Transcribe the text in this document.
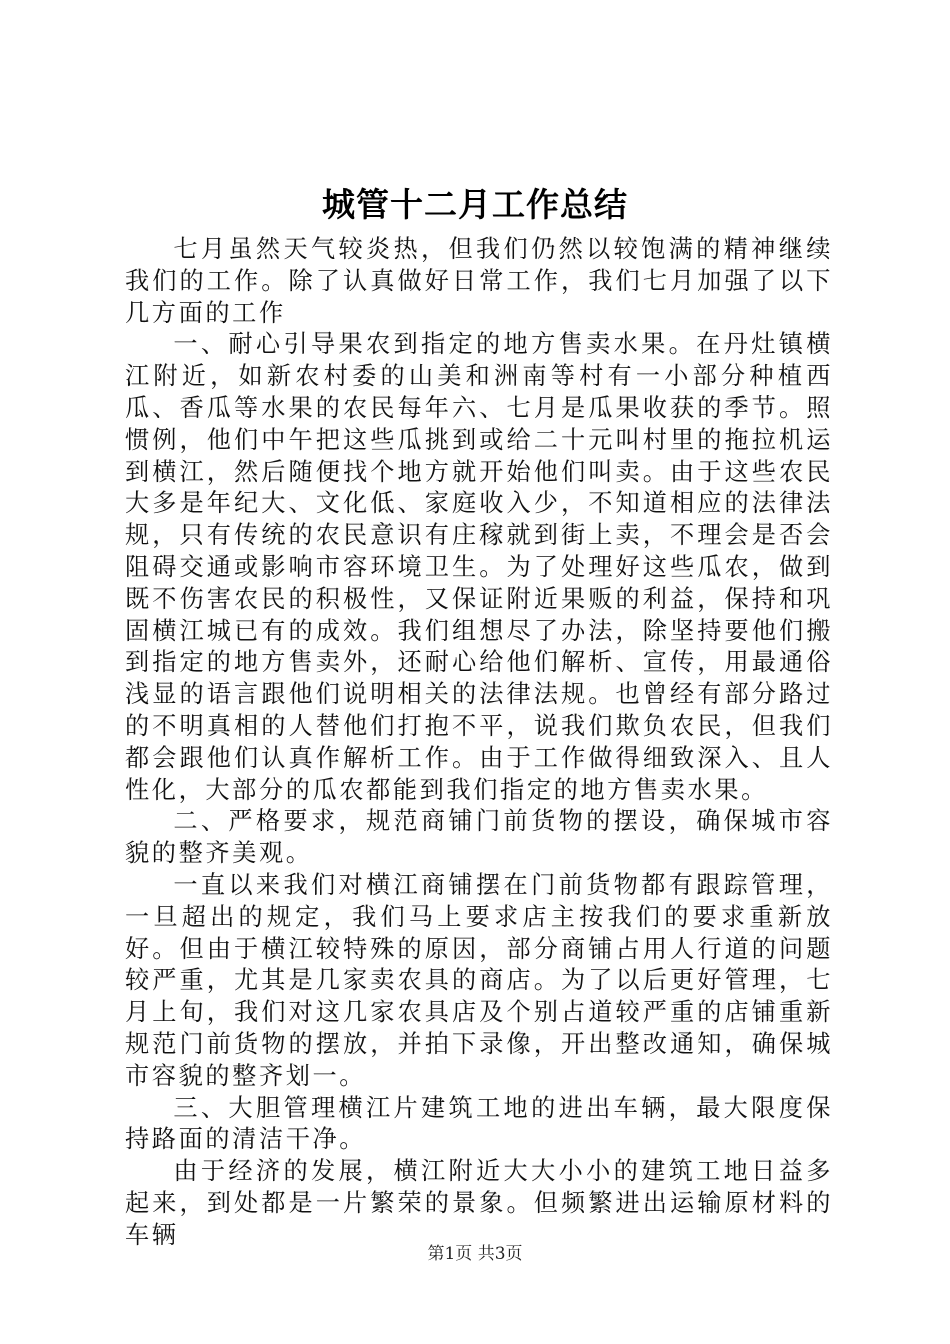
城管十二月工作总结

七月虽然天气较炎热，但我们仍然以较饱满的精神继续我们的工作。除了认真做好日常工作，我们七月加强了以下几方面的工作

一、耐心引导果农到指定的地方售卖水果。在丹灶镇横江附近，如新农村委的山美和洲南等村有一小部分种植西瓜、香瓜等水果的农民每年六、七月是瓜果收获的季节。照惯例，他们中午把这些瓜挑到或给二十元叫村里的拖拉机运到横江，然后随便找个地方就开始他们叫卖。由于这些农民大多是年纪大、文化低、家庭收入少，不知道相应的法律法规，只有传统的农民意识有庄稼就到街上卖，不理会是否会阻碍交通或影响市容环境卫生。为了处理好这些瓜农，做到既不伤害农民的积极性，又保证附近果贩的利益，保持和巩固横江城已有的成效。我们组想尽了办法，除坚持要他们搬到指定的地方售卖外，还耐心给他们解析、宣传，用最通俗浅显的语言跟他们说明相关的法律法规。也曾经有部分路过的不明真相的人替他们打抱不平，说我们欺负农民，但我们都会跟他们认真作解析工作。由于工作做得细致深入、且人性化，大部分的瓜农都能到我们指定的地方售卖水果。

二、严格要求，规范商铺门前货物的摆设，确保城市容貌的整齐美观。

一直以来我们对横江商铺摆在门前货物都有跟踪管理，一旦超出的规定，我们马上要求店主按我们的要求重新放好。但由于横江较特殊的原因，部分商铺占用人行道的问题较严重，尤其是几家卖农具的商店。为了以后更好管理，七月上旬，我们对这几家农具店及个别占道较严重的店铺重新规范门前货物的摆放，并拍下录像，开出整改通知，确保城市容貌的整齐划一。

三、大胆管理横江片建筑工地的进出车辆，最大限度保持路面的清洁干净。

由于经济的发展，横江附近大大小小的建筑工地日益多起来，到处都是一片繁荣的景象。但频繁进出运输原材料的车辆

第1页 共3页
